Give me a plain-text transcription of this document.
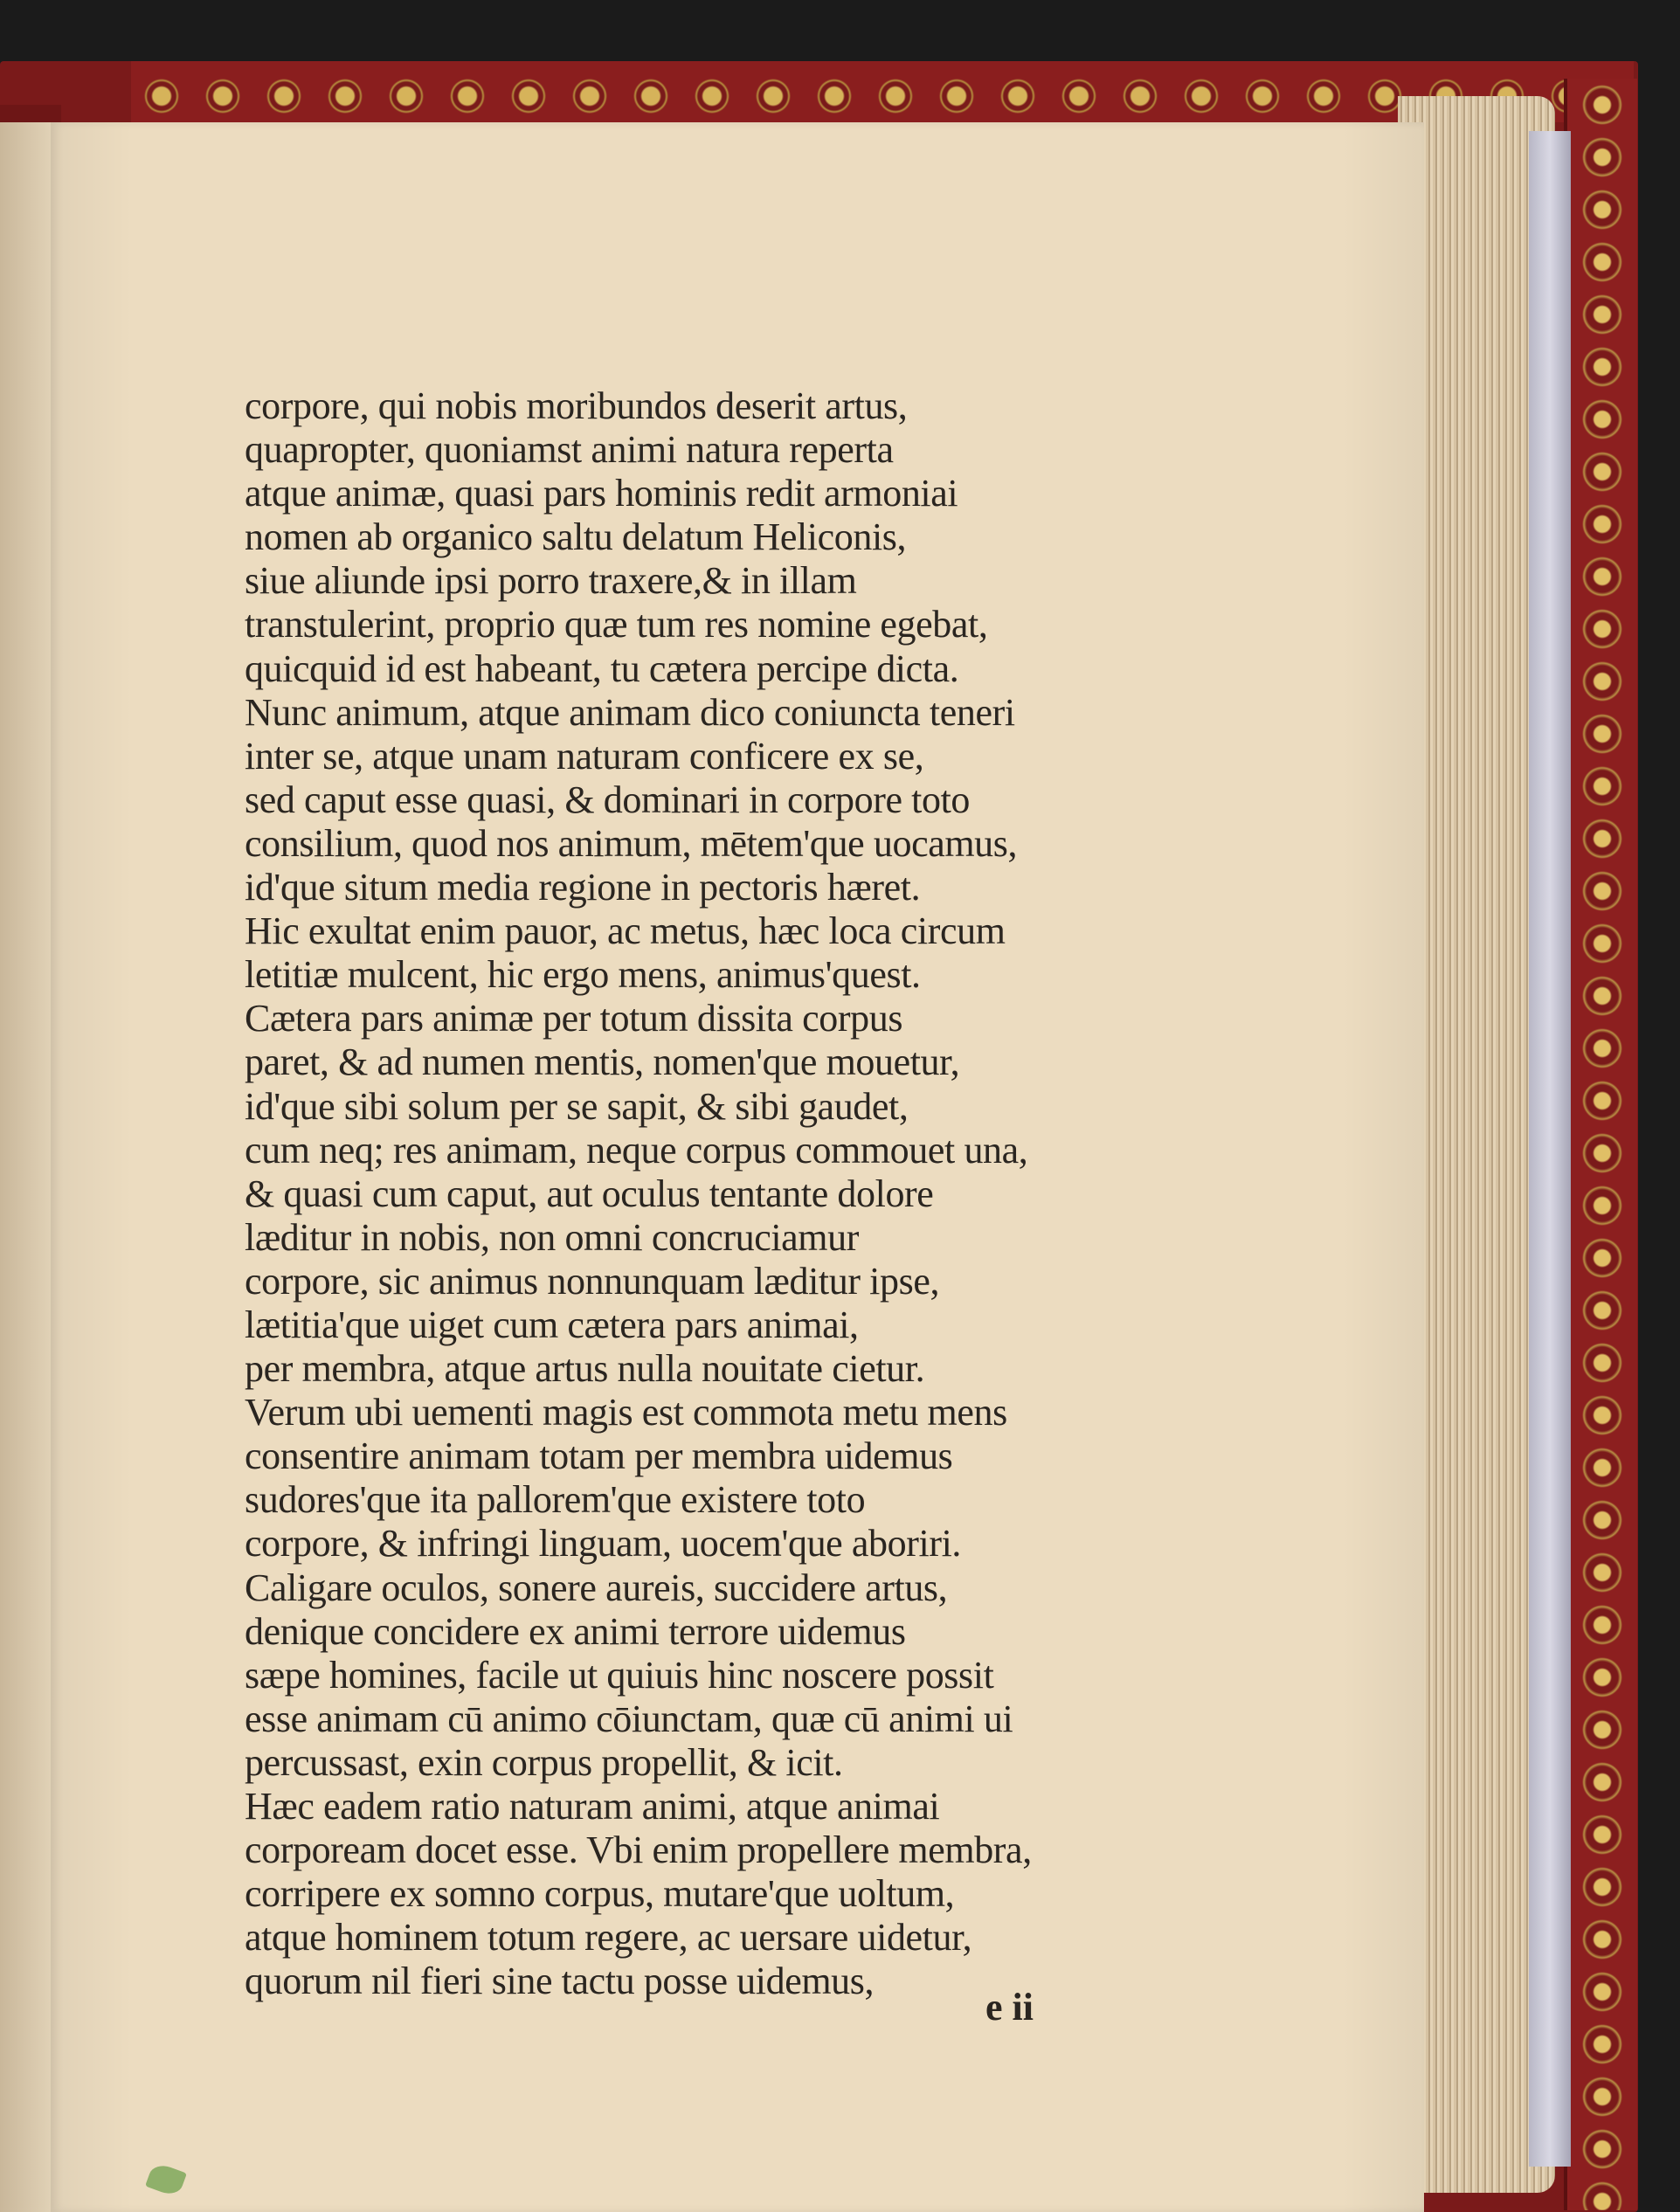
corpore, qui nobis moribundos deserit artus,
quapropter, quoniamst animi natura reperta
atque animæ, quasi pars hominis redit armoniai
nomen ab organico saltu delatum Heliconis,
siue aliunde ipsi porro traxere,& in illam
transtulerint, proprio quæ tum res nomine egebat,
quicquid id est habeant, tu cætera percipe dicta.
Nunc animum, atque animam dico coniuncta teneri
inter se, atque unam naturam conficere ex se,
sed caput esse quasi, & dominari in corpore toto
consilium, quod nos animum, mētem'que uocamus,
id'que situm media regione in pectoris hæret.
Hic exultat enim pauor, ac metus, hæc loca circum
letitiæ mulcent, hic ergo mens, animus'quest.
Cætera pars animæ per totum dissita corpus
paret, & ad numen mentis, nomen'que mouetur,
id'que sibi solum per se sapit, & sibi gaudet,
cum neq; res animam, neque corpus commouet una,
& quasi cum caput, aut oculus tentante dolore
læditur in nobis, non omni concruciamur
corpore, sic animus nonnunquam læditur ipse,
lætitia'que uiget cum cætera pars animai,
per membra, atque artus nulla nouitate cietur.
Verum ubi uementi magis est commota metu mens
consentire animam totam per membra uidemus
sudores'que ita pallorem'que existere toto
corpore, & infringi linguam, uocem'que aboriri.
Caligare oculos, sonere aureis, succidere artus,
denique concidere ex animi terrore uidemus
sæpe homines, facile ut quiuis hinc noscere possit
esse animam cū animo cōiunctam, quæ cū animi ui
percussast, exin corpus propellit, & icit.
Hæc eadem ratio naturam animi, atque animai
corpoream docet esse. Vbi enim propellere membra,
corripere ex somno corpus, mutare'que uoltum,
atque hominem totum regere, ac uersare uidetur,
quorum nil fieri sine tactu posse uidemus,
e ii
